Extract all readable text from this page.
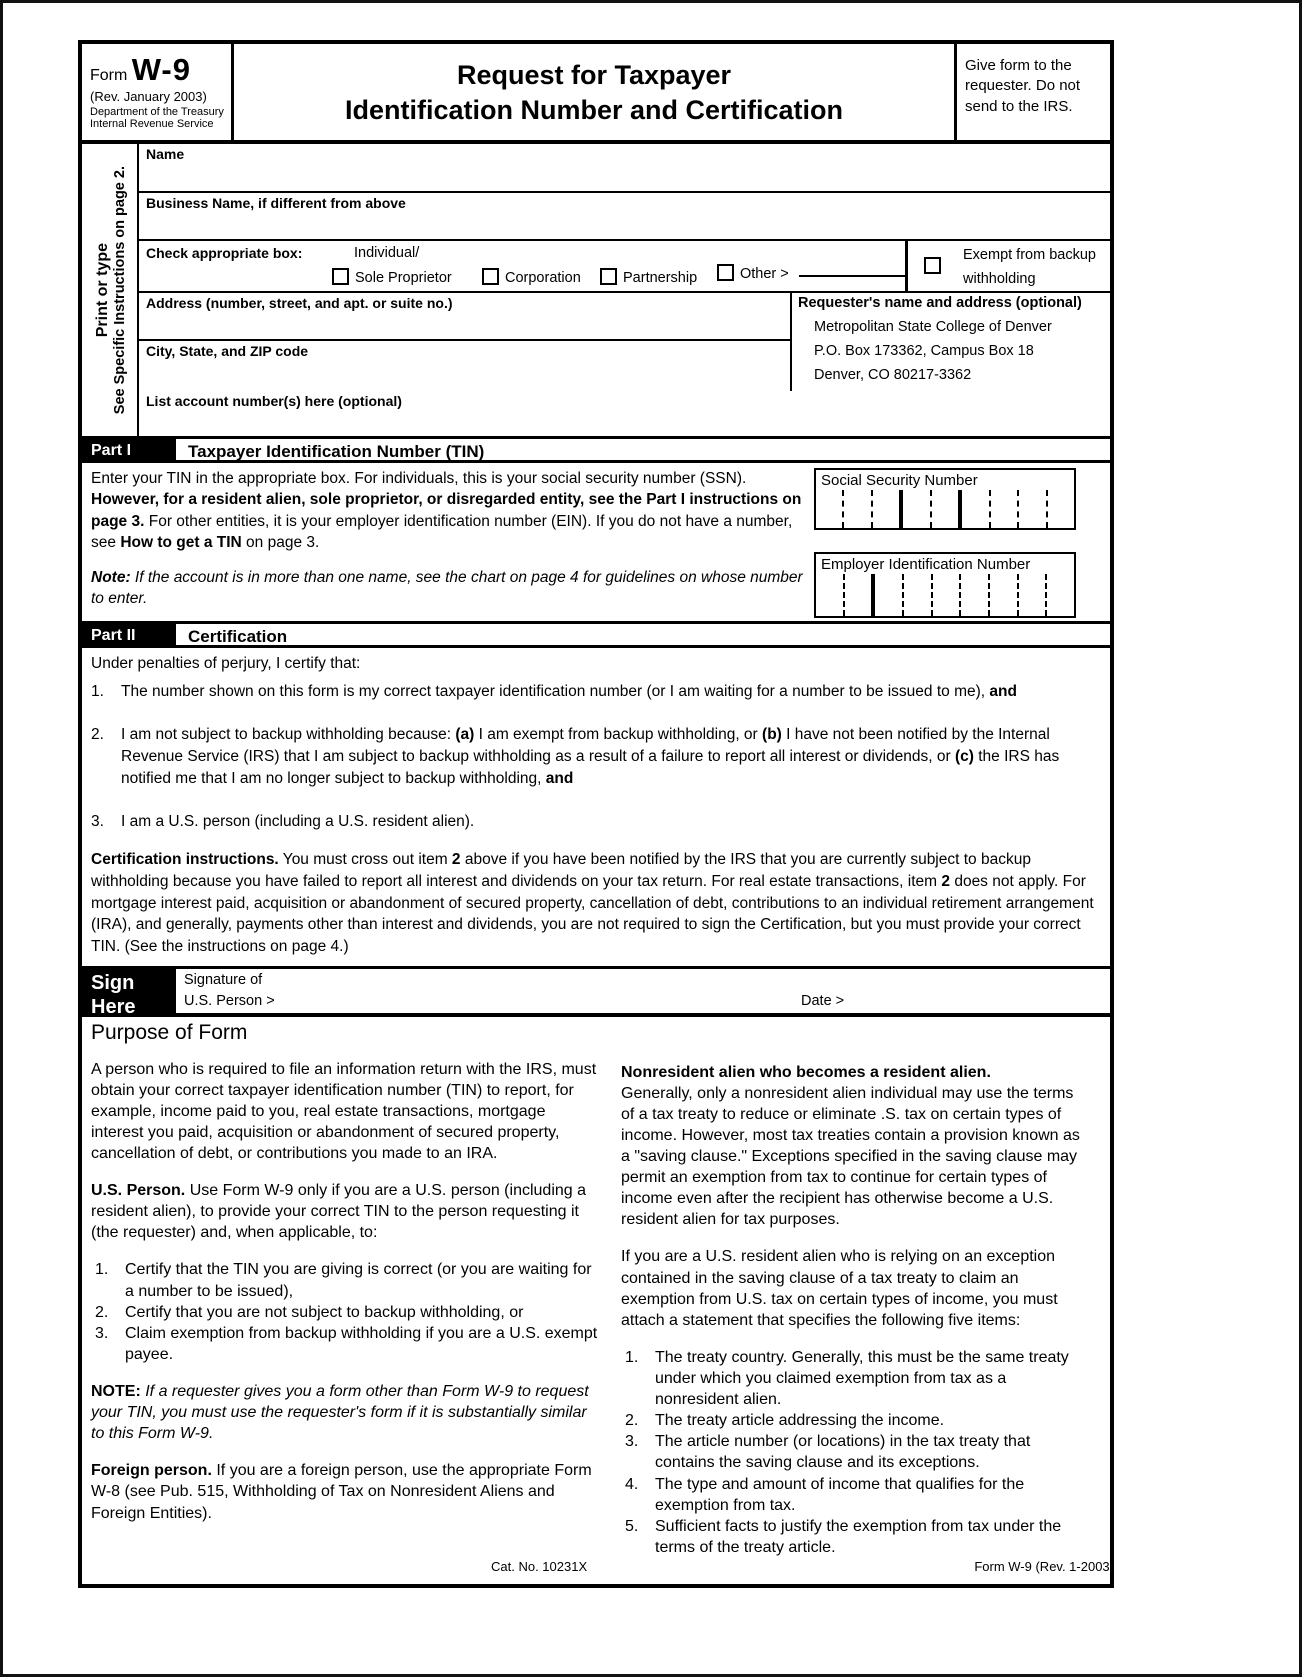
Form W-9
(Rev. January 2003)
Department of the Treasury
Internal Revenue Service
Request for Taxpayer
Identification Number and Certification
Give form to the
requester. Do not
send to the IRS.
Print or type See Specific Instructions on page 2.
Name
Business Name, if different from above
Check appropriate box:	Individual/
Sole Proprietor	Corporation	Partnership	Other >
Exempt from backup
withholding
Address (number, street, and apt. or suite no.)
City, State, and ZIP code
Requester's name and address (optional)
Metropolitan State College of Denver
P.O. Box 173362, Campus Box 18
Denver, CO 80217-3362
List account number(s) here (optional)
Part I	Taxpayer Identification Number (TIN)

Enter your TIN in the appropriate box. For individuals, this is your social security number (SSN). However, for a resident alien, sole proprietor, or disregarded entity, see the Part I instructions on page 3. For other entities, it is your employer identification number (EIN). If you do not have a number, see How to get a TIN on page 3.

Note: If the account is in more than one name, see the chart on page 4 for guidelines on whose number to enter.

Social Security Number
Employer Identification Number
Part II	Certification

Under penalties of perjury, I certify that:

1.	The number shown on this form is my correct taxpayer identification number (or I am waiting for a number to be issued to me), and
2.	I am not subject to backup withholding because: (a) I am exempt from backup withholding, or (b) I have not been notified by the Internal Revenue Service (IRS) that I am subject to backup withholding as a result of a failure to report all interest or dividends, or (c) the IRS has notified me that I am no longer subject to backup withholding, and
3.	I am a U.S. person (including a U.S. resident alien).

Certification instructions. You must cross out item 2 above if you have been notified by the IRS that you are currently subject to backup withholding because you have failed to report all interest and dividends on your tax return. For real estate transactions, item 2 does not apply. For mortgage interest paid, acquisition or abandonment of secured property, cancellation of debt, contributions to an individual retirement arrangement (IRA), and generally, payments other than interest and dividends, you are not required to sign the Certification, but you must provide your correct TIN. (See the instructions on page 4.)

Sign
Here
Signature of
U.S. Person >	Date >
Purpose of Form

A person who is required to file an information return with the IRS, must obtain your correct taxpayer identification number (TIN) to report, for example, income paid to you, real estate transactions, mortgage interest you paid, acquisition or abandonment of secured property, cancellation of debt, or contributions you made to an IRA.

U.S. Person. Use Form W-9 only if you are a U.S. person (including a resident alien), to provide your correct TIN to the person requesting it (the requester) and, when applicable, to:

1.	Certify that the TIN you are giving is correct (or you are waiting for a number to be issued),
2.	Certify that you are not subject to backup withholding, or
3.	Claim exemption from backup withholding if you are a U.S. exempt payee.

NOTE: If a requester gives you a form other than Form W-9 to request your TIN, you must use the requester's form if it is substantially similar to this Form W-9.

Foreign person. If you are a foreign person, use the appropriate Form W-8 (see Pub. 515, Withholding of Tax on Nonresident Aliens and Foreign Entities).

Nonresident alien who becomes a resident alien.
Generally, only a nonresident alien individual may use the terms of a tax treaty to reduce or eliminate .S. tax on certain types of income. However, most tax treaties contain a provision known as a "saving clause." Exceptions specified in the saving clause may permit an exemption from tax to continue for certain types of income even after the recipient has otherwise become a U.S. resident alien for tax purposes.

If you are a U.S. resident alien who is relying on an exception contained in the saving clause of a tax treaty to claim an exemption from U.S. tax on certain types of income, you must attach a statement that specifies the following five items:

1.	The treaty country. Generally, this must be the same treaty under which you claimed exemption from tax as a nonresident alien.
2.	The treaty article addressing the income.
3.	The article number (or locations) in the tax treaty that contains the saving clause and its exceptions.
4.	The type and amount of income that qualifies for the exemption from tax.
5.	Sufficient facts to justify the exemption from tax under the terms of the treaty article.
Cat. No. 10231X	Form W-9 (Rev. 1-2003)
